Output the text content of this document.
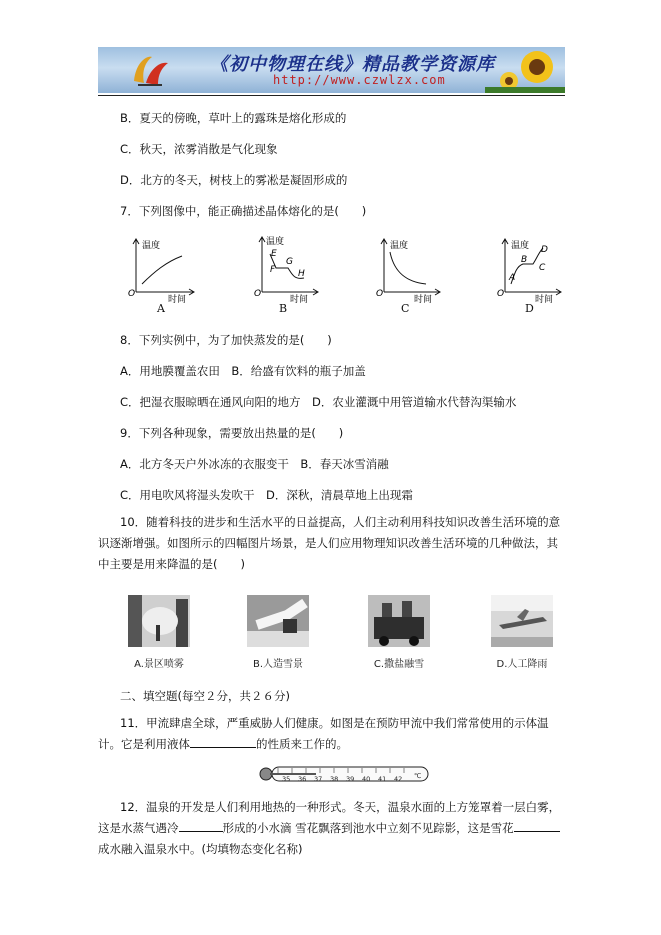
《初中物理在线》精品教学资源库
http://www.czwlzx.com
B．夏天的傍晚，草叶上的露珠是熔化形成的
C．秋天，浓雾消散是气化现象
D．北方的冬天，树枝上的雾凇是凝固形成的
7．下列图像中，能正确描述晶体熔化的是(　　)
温度
时间
O
A
温度
时间
O
E
F
G
H
B
温度
时间
O
C
温度
时间
O
A
B
C
D
D
8．下列实例中，为了加快蒸发的是(　　)
A．用地膜覆盖农田　B．给盛有饮料的瓶子加盖
C．把湿衣服晾晒在通风向阳的地方　D．农业灌溉中用管道输水代替沟渠输水
9．下列各种现象，需要放出热量的是(　　)
A．北方冬天户外冰冻的衣服变干　B．春天冰雪消融
C．用电吹风将湿头发吹干　D．深秋，清晨草地上出现霜
10．随着科技的进步和生活水平的日益提高，人们主动利用科技知识改善生活环境的意识逐渐增强。如图所示的四幅图片场景，是人们应用物理知识改善生活环境的几种做法，其中主要是用来降温的是(　　)
A.景区喷雾	B.人造雪景	C.撒盐融雪	D.人工降雨
二、填空题(每空２分，共２６分)
11．甲流肆虐全球，严重威胁人们健康。如图是在预防甲流中我们常常使用的示体温计。它是利用液体	的性质来工作的。
35 36 37 38 39 40 41 42 ℃
12．温泉的开发是人们利用地热的一种形式。冬天，温泉水面的上方笼罩着一层白雾，这是水蒸气遇冷	形成的小水滴 雪花飘落到池水中立刻不见踪影，这是雪花成水融入温泉水中。(均填物态变化名称)
